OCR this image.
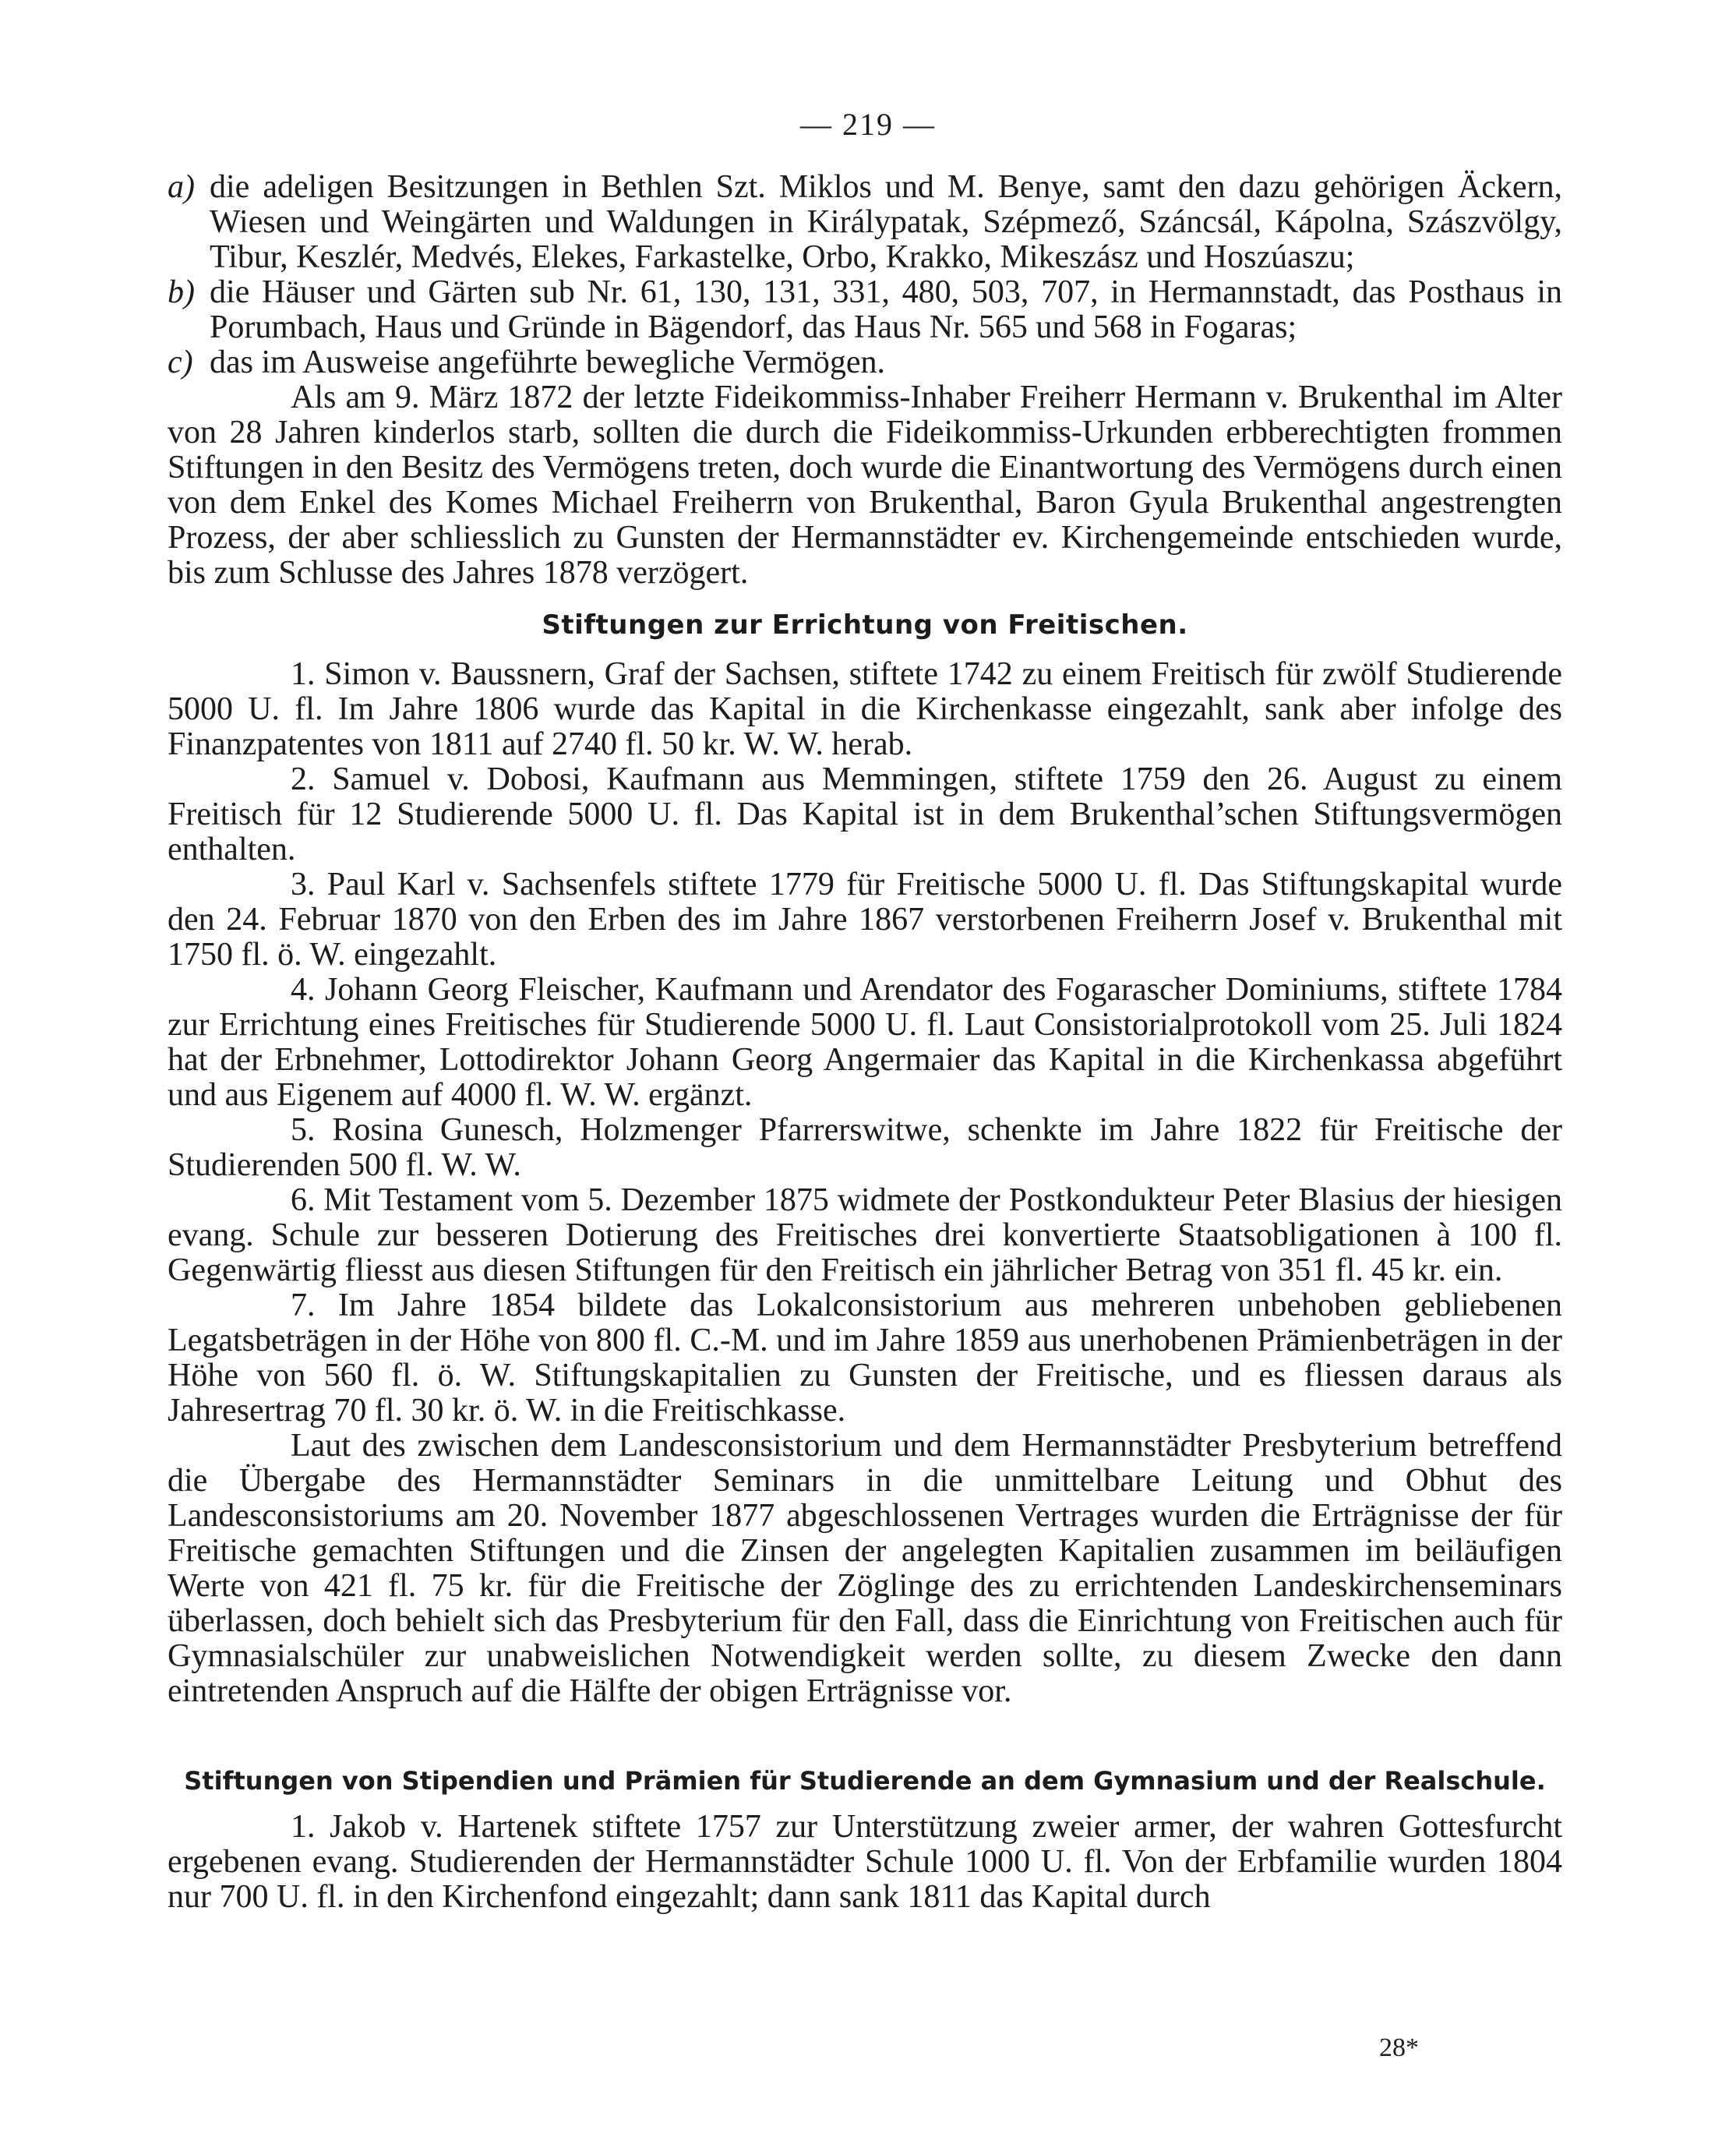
— 219 —

a) die adeligen Besitzungen in Bethlen Szt. Miklos und M. Benye, samt den dazu gehörigen Äckern, Wiesen und Weingärten und Waldungen in Királypatak, Szépmező, Száncsál, Kápolna, Szászvölgy, Tibur, Keszlér, Medvés, Elekes, Farkastelke, Orbo, Krakko, Mikeszász und Hoszúaszu;

b) die Häuser und Gärten sub Nr. 61, 130, 131, 331, 480, 503, 707, in Hermannstadt, das Posthaus in Porumbach, Haus und Gründe in Bägendorf, das Haus Nr. 565 und 568 in Fogaras;

c) das im Ausweise angeführte bewegliche Vermögen.

Als am 9. März 1872 der letzte Fideikommiss-Inhaber Freiherr Hermann v. Brukenthal im Alter von 28 Jahren kinderlos starb, sollten die durch die Fideikommiss-Urkunden erbberechtigten frommen Stiftungen in den Besitz des Vermögens treten, doch wurde die Einantwortung des Vermögens durch einen von dem Enkel des Komes Michael Freiherrn von Brukenthal, Baron Gyula Brukenthal angestrengten Prozess, der aber schliesslich zu Gunsten der Hermannstädter ev. Kirchengemeinde entschieden wurde, bis zum Schlusse des Jahres 1878 verzögert.

Stiftungen zur Errichtung von Freitischen.

1. Simon v. Baussnern, Graf der Sachsen, stiftete 1742 zu einem Freitisch für zwölf Studierende 5000 U. fl. Im Jahre 1806 wurde das Kapital in die Kirchenkasse eingezahlt, sank aber infolge des Finanzpatentes von 1811 auf 2740 fl. 50 kr. W. W. herab.

2. Samuel v. Dobosi, Kaufmann aus Memmingen, stiftete 1759 den 26. August zu einem Freitisch für 12 Studierende 5000 U. fl. Das Kapital ist in dem Brukenthal’schen Stiftungsvermögen enthalten.

3. Paul Karl v. Sachsenfels stiftete 1779 für Freitische 5000 U. fl. Das Stiftungskapital wurde den 24. Februar 1870 von den Erben des im Jahre 1867 verstorbenen Freiherrn Josef v. Brukenthal mit 1750 fl. ö. W. eingezahlt.

4. Johann Georg Fleischer, Kaufmann und Arendator des Fogarascher Dominiums, stiftete 1784 zur Errichtung eines Freitisches für Studierende 5000 U. fl. Laut Consistorialprotokoll vom 25. Juli 1824 hat der Erbnehmer, Lottodirektor Johann Georg Angermaier das Kapital in die Kirchenkassa abgeführt und aus Eigenem auf 4000 fl. W. W. ergänzt.

5. Rosina Gunesch, Holzmenger Pfarrerswitwe, schenkte im Jahre 1822 für Freitische der Studierenden 500 fl. W. W.

6. Mit Testament vom 5. Dezember 1875 widmete der Postkondukteur Peter Blasius der hiesigen evang. Schule zur besseren Dotierung des Freitisches drei konvertierte Staatsobligationen à 100 fl. Gegenwärtig fliesst aus diesen Stiftungen für den Freitisch ein jährlicher Betrag von 351 fl. 45 kr. ein.

7. Im Jahre 1854 bildete das Lokalconsistorium aus mehreren unbehoben gebliebenen Legatsbeträgen in der Höhe von 800 fl. C.-M. und im Jahre 1859 aus unerhobenen Prämienbeträgen in der Höhe von 560 fl. ö. W. Stiftungskapitalien zu Gunsten der Freitische, und es fliessen daraus als Jahresertrag 70 fl. 30 kr. ö. W. in die Freitischkasse.

Laut des zwischen dem Landesconsistorium und dem Hermannstädter Presbyterium betreffend die Übergabe des Hermannstädter Seminars in die unmittelbare Leitung und Obhut des Landesconsistoriums am 20. November 1877 abgeschlossenen Vertrages wurden die Erträgnisse der für Freitische gemachten Stiftungen und die Zinsen der angelegten Kapitalien zusammen im beiläufigen Werte von 421 fl. 75 kr. für die Freitische der Zöglinge des zu errichtenden Landeskirchenseminars überlassen, doch behielt sich das Presbyterium für den Fall, dass die Einrichtung von Freitischen auch für Gymnasialschüler zur unabweislichen Notwendigkeit werden sollte, zu diesem Zwecke den dann eintretenden Anspruch auf die Hälfte der obigen Erträgnisse vor.

Stiftungen von Stipendien und Prämien für Studierende an dem Gymnasium und der Realschule.

1. Jakob v. Hartenek stiftete 1757 zur Unterstützung zweier armer, der wahren Gottesfurcht ergebenen evang. Studierenden der Hermannstädter Schule 1000 U. fl. Von der Erbfamilie wurden 1804 nur 700 U. fl. in den Kirchenfond eingezahlt; dann sank 1811 das Kapital durch

28*
